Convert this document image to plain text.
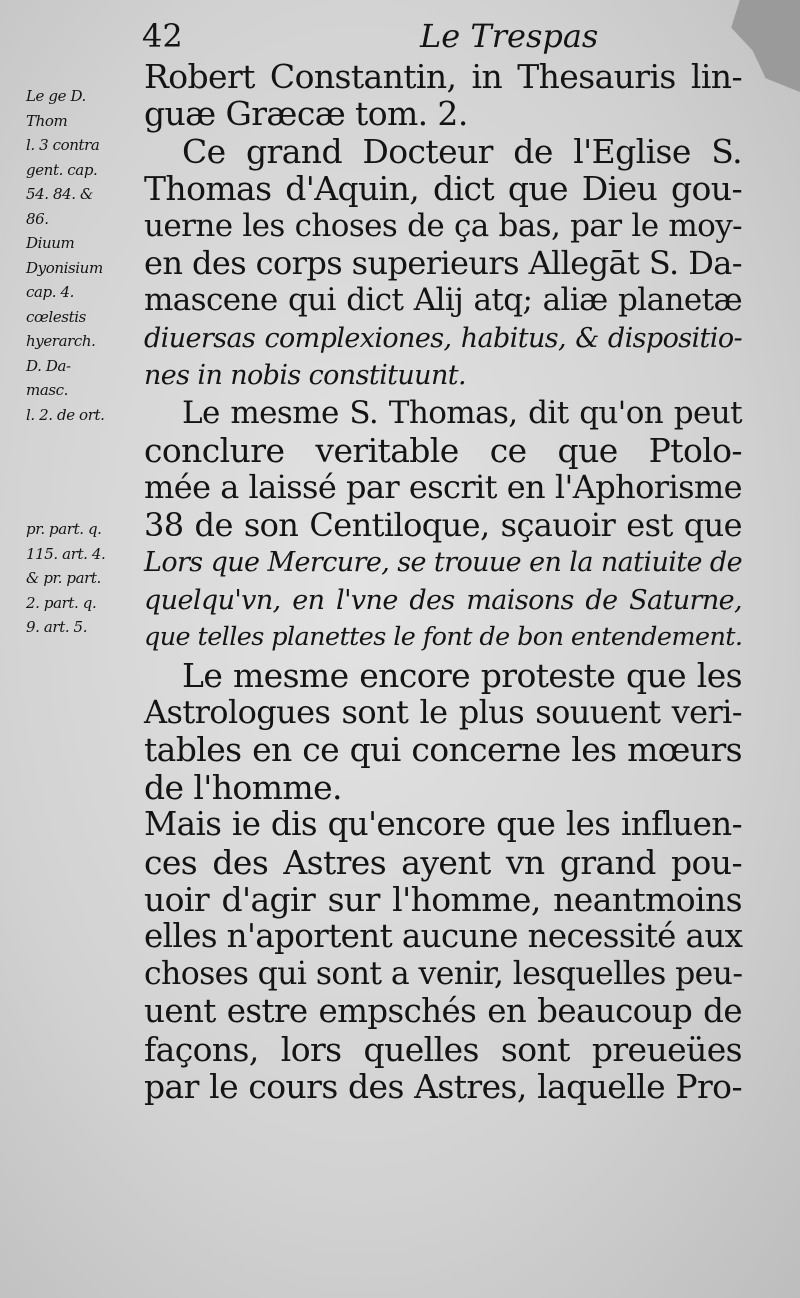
42	Le Trespas
Le ge D.
Thom
l. 3 contra
gent. cap.
54. 84. &
86.
Diuum
Dyonisium
cap. 4.
cœlestis
hyerarch.
D. Da-
masc.
l. 2. de ort.
pr. part. q.
115. art. 4.
& pr. part.
2. part. q.
9. art. 5.
Robert Constantin, in Thesauris lin-
guæ Græcæ tom. 2.
Ce grand Docteur de l'Eglise S.
Thomas d'Aquin, dict que Dieu gou-
uerne les choses de ça bas, par le moy-
en des corps superieurs Allegāt S. Da-
mascene qui dict Alij atq; aliæ planetæ
diuersas complexiones, habitus, & dispositio-
nes in nobis constituunt.
Le mesme S. Thomas, dit qu'on peut
conclure veritable ce que Ptolo-
mée a laissé par escrit en l'Aphorisme
38 de son Centiloque, sçauoir est que
Lors que Mercure, se trouue en la natiuite de
quelqu'vn, en l'vne des maisons de Saturne,
que telles planettes le font de bon entendement.
Le mesme encore proteste que les
Astrologues sont le plus souuent veri-
tables en ce qui concerne les mœurs
de l'homme.
Mais ie dis qu'encore que les influen-
ces des Astres ayent vn grand pou-
uoir d'agir sur l'homme, neantmoins
elles n'aportent aucune necessité aux
choses qui sont a venir, lesquelles peu-
uent estre empschés en beaucoup de
façons, lors quelles sont preueües
par le cours des Astres, laquelle Pro-
